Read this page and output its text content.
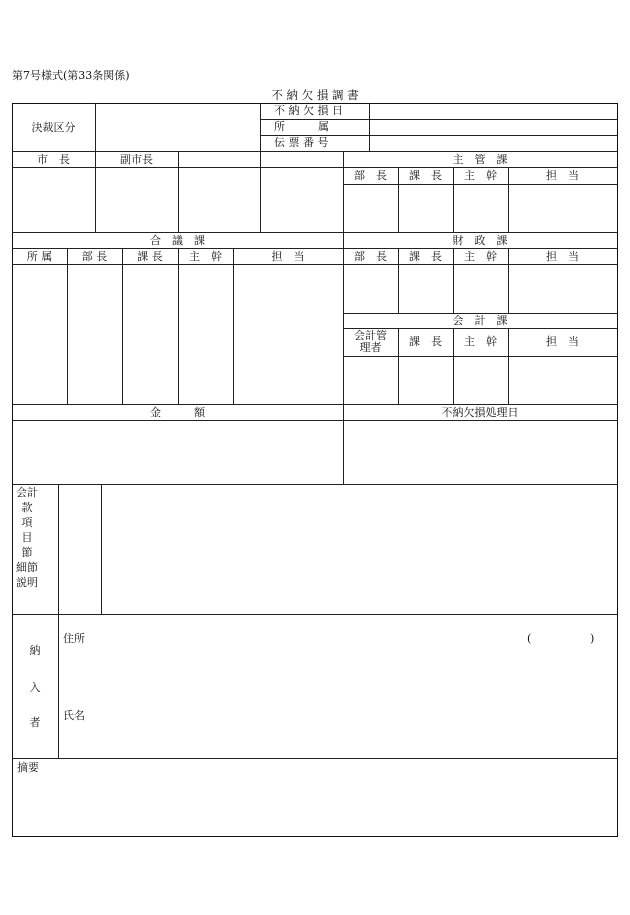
第7号様式(第33条関係)
不 納 欠 損 調 書
決裁区分
不 納 欠 損 日
所　　　属
伝 票 番 号
市　長	副市長	主　管　課
部　長	課　長	主　幹	担　当
合　議　課	財　政　課
所 属	部 長	課 長	主　幹	担　当	部　長	課　長	主　幹	担　当
会　計　課
会計管
理者	課　長	主　幹	担　当
金　　　額	不納欠損処理日
会計
款
項
目
節
細節
説明
納
入
者
住所	(	)
氏名
摘要
